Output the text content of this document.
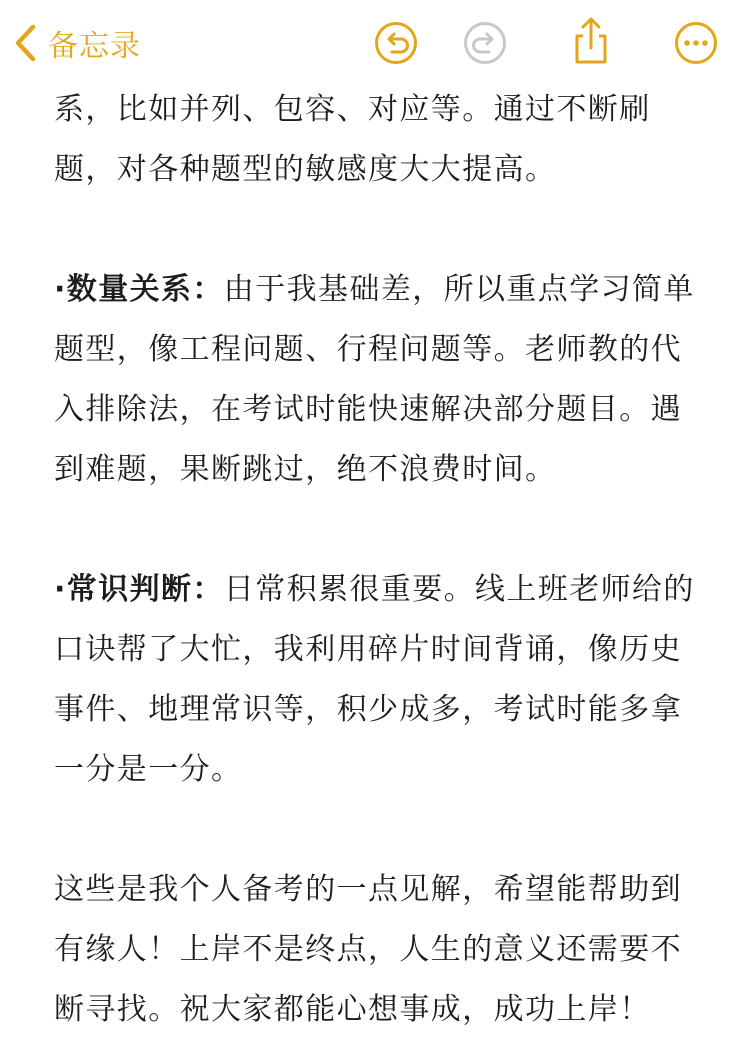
备忘录

系，比如并列、包容、对应等。通过不断刷题，对各种题型的敏感度大大提高。

·数量关系：由于我基础差，所以重点学习简单题型，像工程问题、行程问题等。老师教的代入排除法，在考试时能快速解决部分题目。遇到难题，果断跳过，绝不浪费时间。

·常识判断：日常积累很重要。线上班老师给的口诀帮了大忙，我利用碎片时间背诵，像历史事件、地理常识等，积少成多，考试时能多拿一分是一分。

这些是我个人备考的一点见解，希望能帮助到有缘人！上岸不是终点，人生的意义还需要不断寻找。祝大家都能心想事成，成功上岸！
